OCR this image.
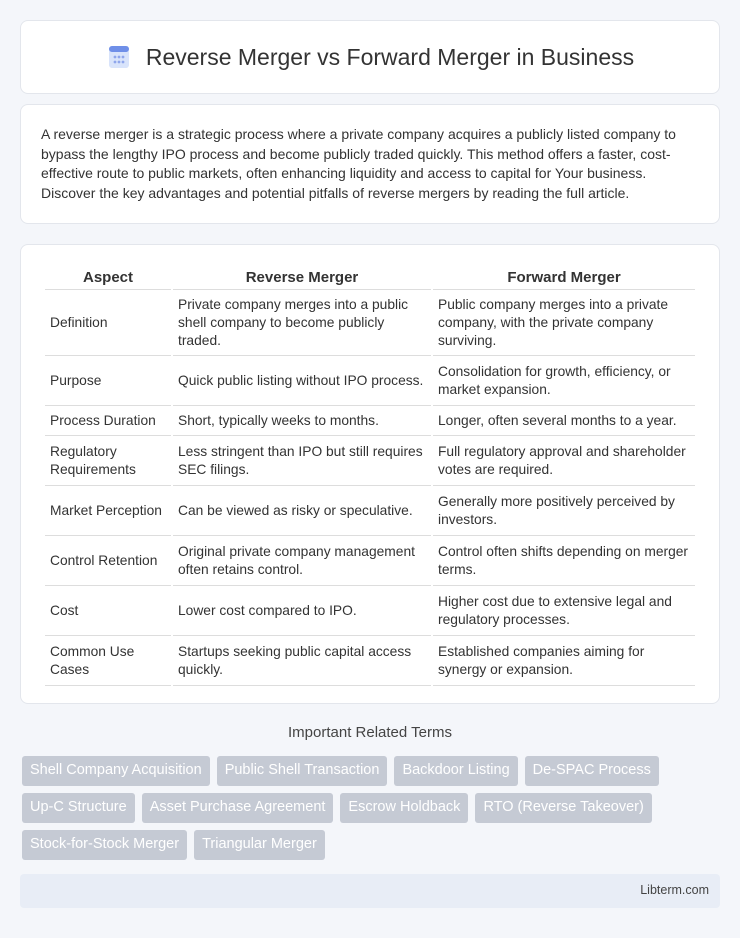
Reverse Merger vs Forward Merger in Business

A reverse merger is a strategic process where a private company acquires a publicly listed company to bypass the lengthy IPO process and become publicly traded quickly. This method offers a faster, cost-effective route to public markets, often enhancing liquidity and access to capital for Your business. Discover the key advantages and potential pitfalls of reverse mergers by reading the full article.

Aspect	Reverse Merger	Forward Merger
Definition	Private company merges into a public shell company to become publicly traded.	Public company merges into a private company, with the private company surviving.
Purpose	Quick public listing without IPO process.	Consolidation for growth, efficiency, or market expansion.
Process Duration	Short, typically weeks to months.	Longer, often several months to a year.
Regulatory Requirements	Less stringent than IPO but still requires SEC filings.	Full regulatory approval and shareholder votes are required.
Market Perception	Can be viewed as risky or speculative.	Generally more positively perceived by investors.
Control Retention	Original private company management often retains control.	Control often shifts depending on merger terms.
Cost	Lower cost compared to IPO.	Higher cost due to extensive legal and regulatory processes.
Common Use Cases	Startups seeking public capital access quickly.	Established companies aiming for synergy or expansion.
Important Related Terms
Shell Company Acquisition	Public Shell Transaction	Backdoor Listing	De-SPAC Process
Up-C Structure	Asset Purchase Agreement	Escrow Holdback	RTO (Reverse Takeover)
Stock-for-Stock Merger	Triangular Merger
Libterm.com
